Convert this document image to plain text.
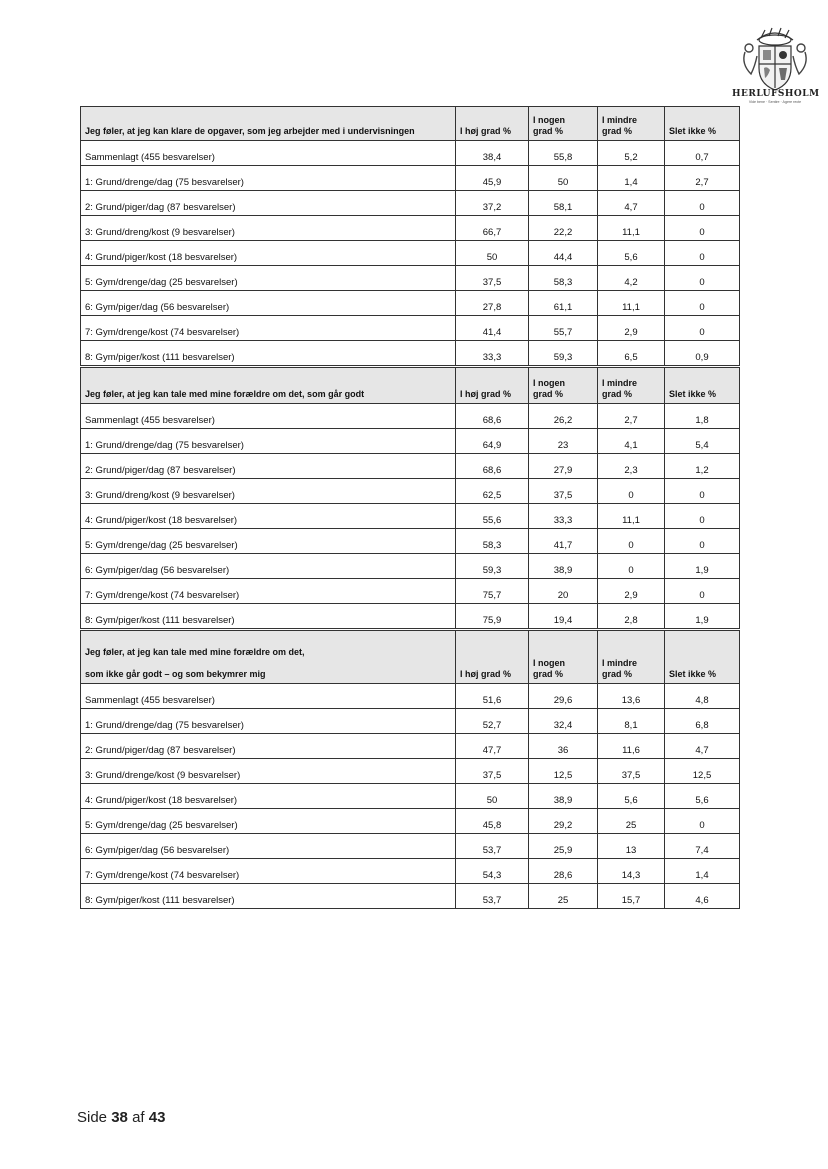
HERLUFSHOLM
Vide bene · Sentire · Agere recte
Jeg føler, at jeg kan klare de opgaver, som jeg arbejder med i undervisningen	I høj grad %	I nogen
grad %	I mindre
grad %	Slet ikke %
Sammenlagt (455 besvarelser)	38,4	55,8	5,2	0,7
1: Grund/drenge/dag (75 besvarelser)	45,9	50	1,4	2,7
2: Grund/piger/dag (87 besvarelser)	37,2	58,1	4,7	0
3: Grund/dreng/kost (9 besvarelser)	66,7	22,2	11,1	0
4: Grund/piger/kost (18 besvarelser)	50	44,4	5,6	0
5: Gym/drenge/dag (25 besvarelser)	37,5	58,3	4,2	0
6: Gym/piger/dag (56 besvarelser)	27,8	61,1	11,1	0
7: Gym/drenge/kost (74 besvarelser)	41,4	55,7	2,9	0
8: Gym/piger/kost (111 besvarelser)	33,3	59,3	6,5	0,9
Jeg føler, at jeg kan tale med mine forældre om det, som går godt	I høj grad %	I nogen
grad %	I mindre
grad %	Slet ikke %
Sammenlagt (455 besvarelser)	68,6	26,2	2,7	1,8
1: Grund/drenge/dag (75 besvarelser)	64,9	23	4,1	5,4
2: Grund/piger/dag (87 besvarelser)	68,6	27,9	2,3	1,2
3: Grund/dreng/kost (9 besvarelser)	62,5	37,5	0	0
4: Grund/piger/kost (18 besvarelser)	55,6	33,3	11,1	0
5: Gym/drenge/dag (25 besvarelser)	58,3	41,7	0	0
6: Gym/piger/dag (56 besvarelser)	59,3	38,9	0	1,9
7: Gym/drenge/kost (74 besvarelser)	75,7	20	2,9	0
8: Gym/piger/kost (111 besvarelser)	75,9	19,4	2,8	1,9
Jeg føler, at jeg kan tale med mine forældre om det,
som ikke går godt – og som bekymrer mig	I høj grad %	I nogen
grad %	I mindre
grad %	Slet ikke %
Sammenlagt (455 besvarelser)	51,6	29,6	13,6	4,8
1: Grund/drenge/dag (75 besvarelser)	52,7	32,4	8,1	6,8
2: Grund/piger/dag (87 besvarelser)	47,7	36	11,6	4,7
3: Grund/drenge/kost (9 besvarelser)	37,5	12,5	37,5	12,5
4: Grund/piger/kost (18 besvarelser)	50	38,9	5,6	5,6
5: Gym/drenge/dag (25 besvarelser)	45,8	29,2	25	0
6: Gym/piger/dag (56 besvarelser)	53,7	25,9	13	7,4
7: Gym/drenge/kost (74 besvarelser)	54,3	28,6	14,3	1,4
8: Gym/piger/kost (111 besvarelser)	53,7	25	15,7	4,6
Side 38 af 43
